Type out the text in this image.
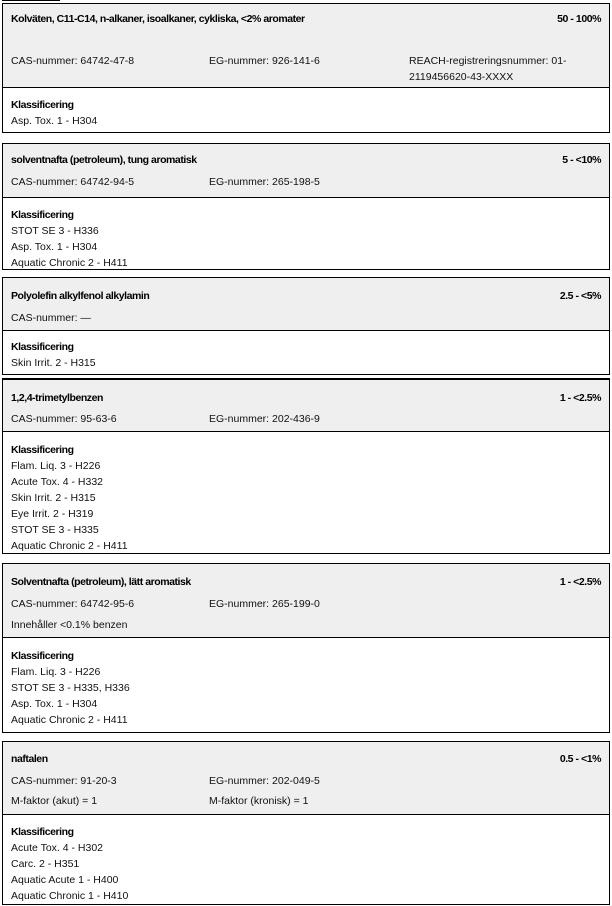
Kolväten, C11-C14, n-alkaner, isoalkaner, cykliska, <2% aromater	50 - 100%
CAS-nummer: 64742-47-8	EG-nummer: 926-141-6	REACH-registreringsnummer: 01-2119456620-43-XXXX
Klassificering
Asp. Tox. 1 - H304
solventnafta (petroleum), tung aromatisk	5 - <10%
CAS-nummer: 64742-94-5	EG-nummer: 265-198-5
Klassificering
STOT SE 3 - H336
Asp. Tox. 1 - H304
Aquatic Chronic 2 - H411
Polyolefin alkylfenol alkylamin	2.5 - <5%
CAS-nummer: —
Klassificering
Skin Irrit. 2 - H315
1,2,4-trimetylbenzen	1 - <2.5%
CAS-nummer: 95-63-6	EG-nummer: 202-436-9
Klassificering
Flam. Liq. 3 - H226
Acute Tox. 4 - H332
Skin Irrit. 2 - H315
Eye Irrit. 2 - H319
STOT SE 3 - H335
Aquatic Chronic 2 - H411
Solventnafta (petroleum), lätt aromatisk	1 - <2.5%
CAS-nummer: 64742-95-6	EG-nummer: 265-199-0
Innehåller <0.1% benzen
Klassificering
Flam. Liq. 3 - H226
STOT SE 3 - H335, H336
Asp. Tox. 1 - H304
Aquatic Chronic 2 - H411
naftalen	0.5 - <1%
CAS-nummer: 91-20-3	EG-nummer: 202-049-5
M-faktor (akut) = 1	M-faktor (kronisk) = 1
Klassificering
Acute Tox. 4 - H302
Carc. 2 - H351
Aquatic Acute 1 - H400
Aquatic Chronic 1 - H410
